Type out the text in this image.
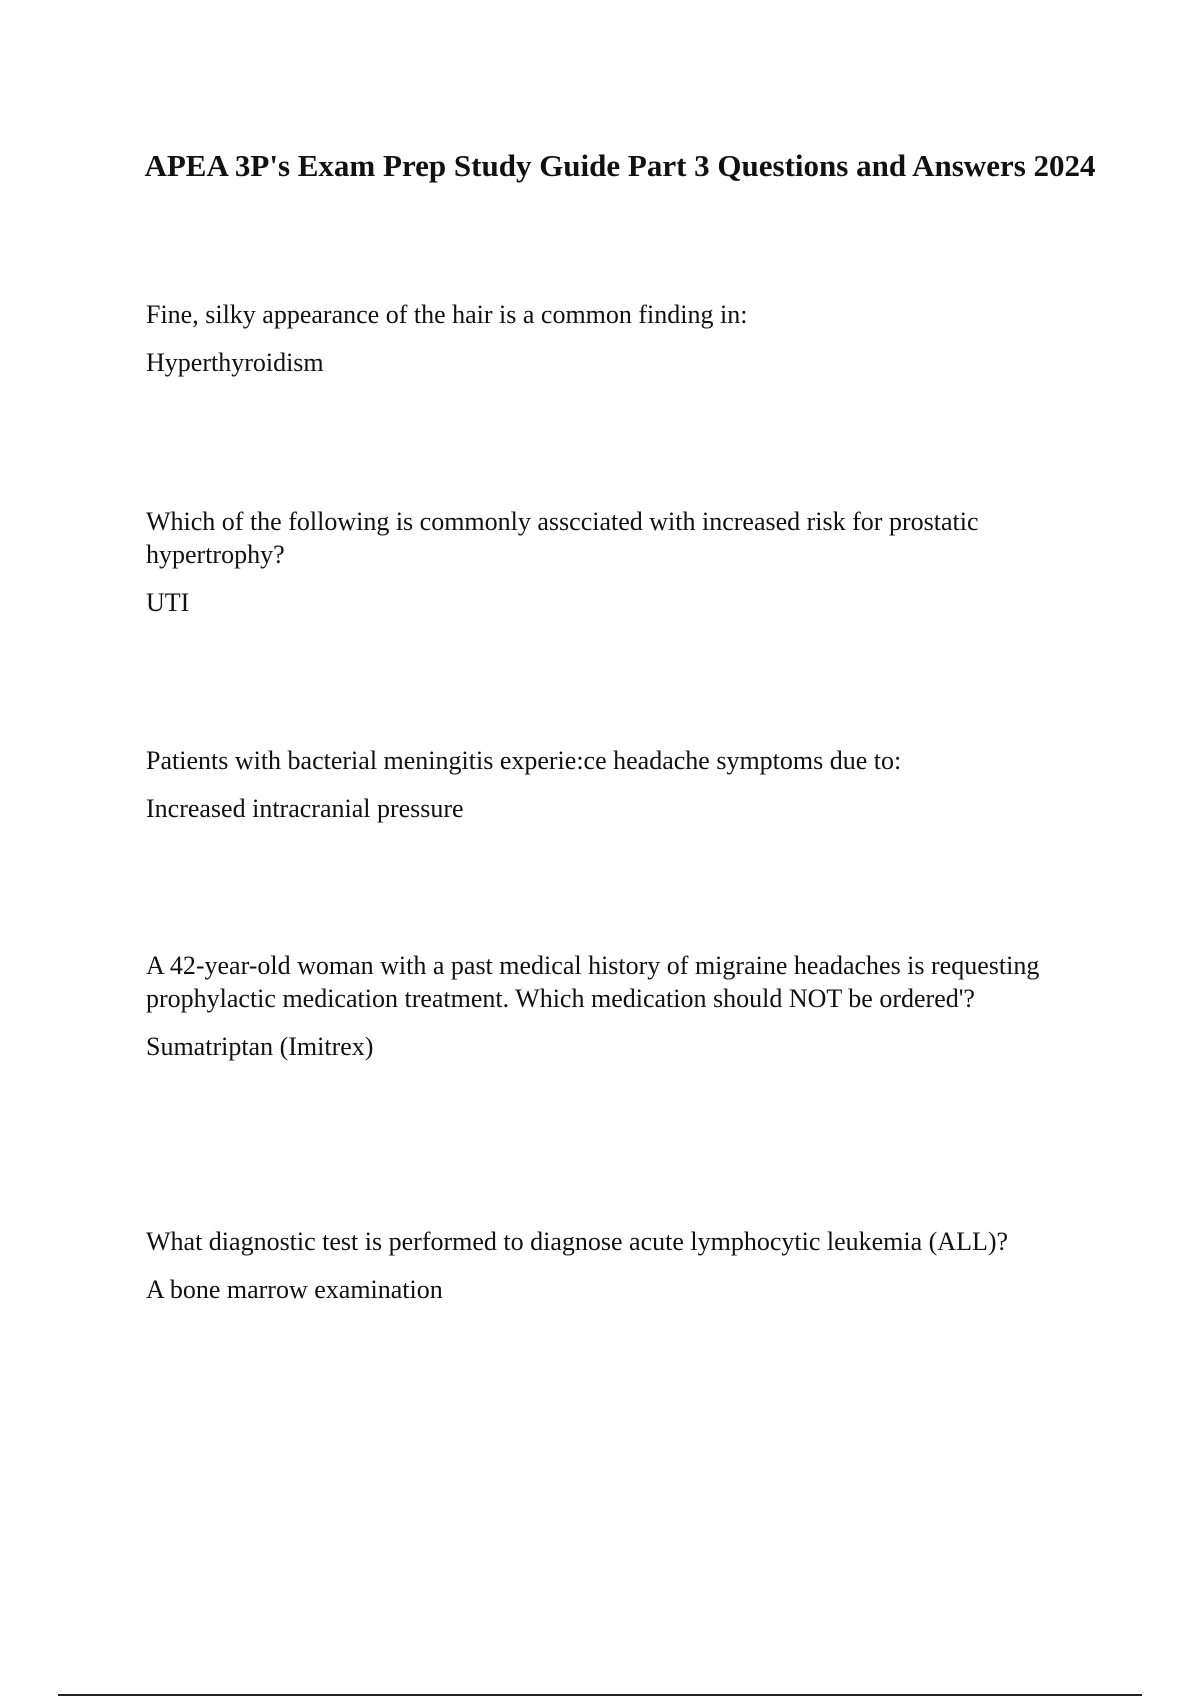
APEA 3P's Exam Prep Study Guide Part 3 Questions and Answers 2024

Fine, silky appearance of the hair is a common finding in:

Hyperthyroidism

Which of the following is commonly asscciated with increased risk for prostatic hypertrophy?

UTI

Patients with bacterial meningitis experie:ce headache symptoms due to:

Increased intracranial pressure

A 42-year-old woman with a past medical history of migraine headaches is requesting prophylactic medication treatment. Which medication should NOT be ordered'?

Sumatriptan (Imitrex)

What diagnostic test is performed to diagnose acute lymphocytic leukemia (ALL)?

A bone marrow examination
